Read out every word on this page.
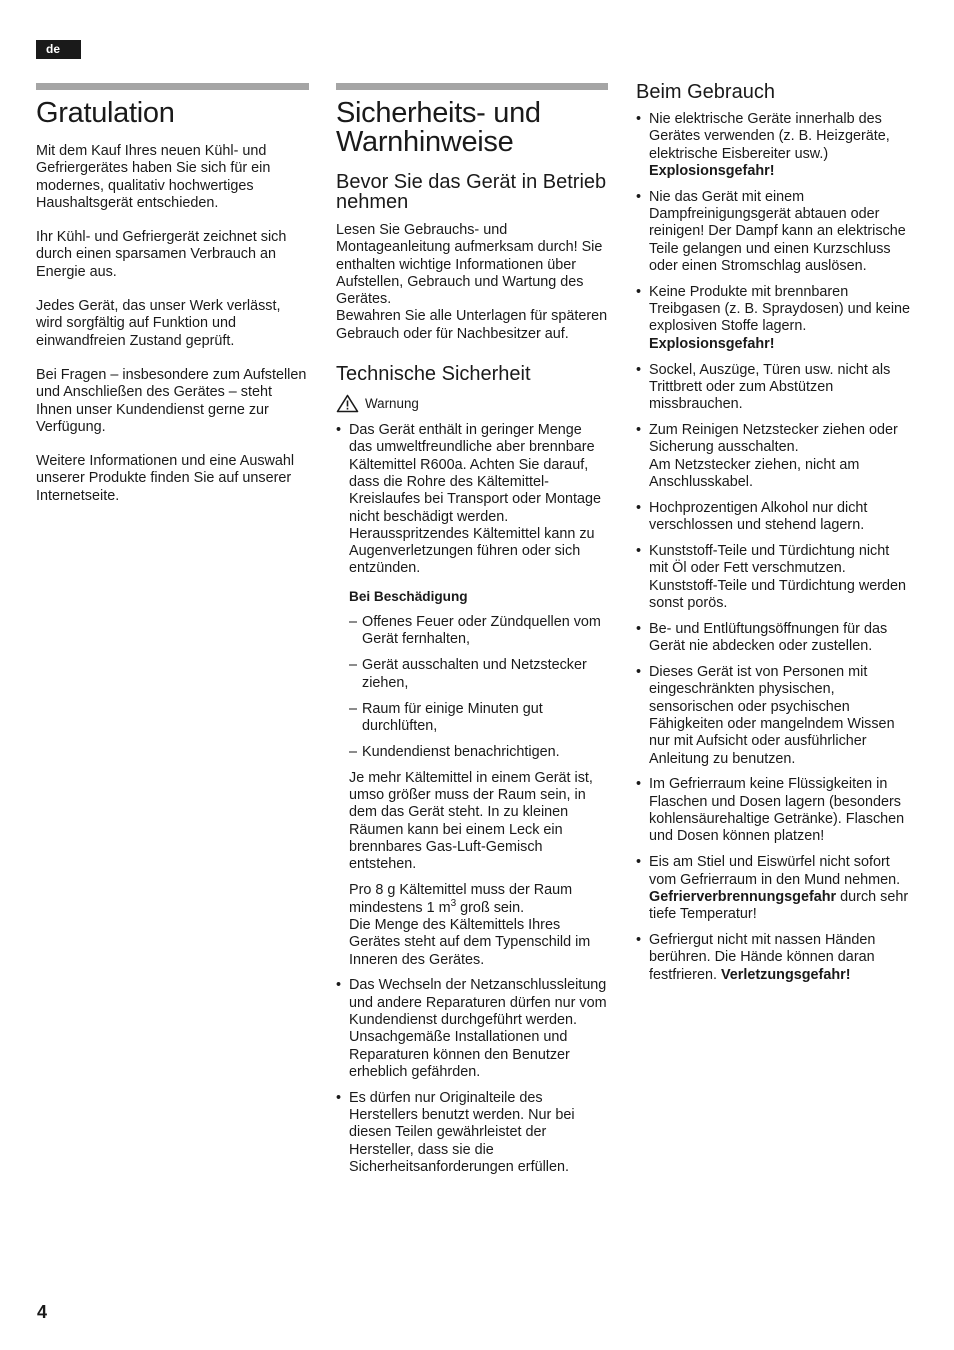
de
Gratulation

Mit dem Kauf Ihres neuen Kühl- und Gefriergerätes haben Sie sich für ein modernes, qualitativ hochwertiges Haushaltsgerät entschieden.

Ihr Kühl- und Gefriergerät zeichnet sich durch einen sparsamen Verbrauch an Energie aus.

Jedes Gerät, das unser Werk verlässt, wird sorgfältig auf Funktion und einwandfreien Zustand geprüft.

Bei Fragen – insbesondere zum Aufstellen und Anschließen des Gerätes – steht Ihnen unser Kundendienst gerne zur Verfügung.

Weitere Informationen und eine Auswahl unserer Produkte finden Sie auf unserer Internetseite.

Sicherheits- und Warnhinweise
Bevor Sie das Gerät in Betrieb nehmen

Lesen Sie Gebrauchs- und Montageanleitung aufmerksam durch! Sie enthalten wichtige Informationen über Aufstellen, Gebrauch und Wartung des Gerätes.
Bewahren Sie alle Unterlagen für späteren Gebrauch oder für Nachbesitzer auf.

Technische Sicherheit
Warnung
• Das Gerät enthält in geringer Menge das umweltfreundliche aber brennbare Kältemittel R600a. Achten Sie darauf, dass die Rohre des Kältemittel-Kreislaufes bei Transport oder Montage nicht beschädigt werden. Herausspritzendes Kältemittel kann zu Augenverletzungen führen oder sich entzünden.
Bei Beschädigung
– Offenes Feuer oder Zündquellen vom Gerät fernhalten,
– Gerät ausschalten und Netzstecker ziehen,
– Raum für einige Minuten gut durchlüften,
– Kundendienst benachrichtigen.

Je mehr Kältemittel in einem Gerät ist, umso größer muss der Raum sein, in dem das Gerät steht. In zu kleinen Räumen kann bei einem Leck ein brennbares Gas-Luft-Gemisch entstehen.

Pro 8 g Kältemittel muss der Raum mindestens 1 $m^3$ groß sein.
Die Menge des Kältemittels Ihres Gerätes steht auf dem Typenschild im Inneren des Gerätes.

• Das Wechseln der Netzanschlussleitung und andere Reparaturen dürfen nur vom Kundendienst durchgeführt werden. Unsachgemäße Installationen und Reparaturen können den Benutzer erheblich gefährden.
• Es dürfen nur Originalteile des Herstellers benutzt werden. Nur bei diesen Teilen gewährleistet der Hersteller, dass sie die Sicherheitsanforderungen erfüllen.
Beim Gebrauch
• Nie elektrische Geräte innerhalb des Gerätes verwenden (z. B. Heizgeräte, elektrische Eisbereiter usw.)
Explosionsgefahr!
• Nie das Gerät mit einem Dampfreinigungsgerät abtauen oder reinigen! Der Dampf kann an elektrische Teile gelangen und einen Kurzschluss oder einen Stromschlag auslösen.
• Keine Produkte mit brennbaren Treibgasen (z. B. Spraydosen) und keine explosiven Stoffe lagern.
Explosionsgefahr!
• Sockel, Auszüge, Türen usw. nicht als Trittbrett oder zum Abstützen missbrauchen.
• Zum Reinigen Netzstecker ziehen oder Sicherung ausschalten.
Am Netzstecker ziehen, nicht am Anschlusskabel.
• Hochprozentigen Alkohol nur dicht verschlossen und stehend lagern.
• Kunststoff-Teile und Türdichtung nicht mit Öl oder Fett verschmutzen. Kunststoff-Teile und Türdichtung werden sonst porös.
• Be- und Entlüftungsöffnungen für das Gerät nie abdecken oder zustellen.
• Dieses Gerät ist von Personen mit eingeschränkten physischen, sensorischen oder psychischen Fähigkeiten oder mangelndem Wissen nur mit Aufsicht oder ausführlicher Anleitung zu benutzen.
• Im Gefrierraum keine Flüssigkeiten in Flaschen und Dosen lagern (besonders kohlensäurehaltige Getränke). Flaschen und Dosen können platzen!
• Eis am Stiel und Eiswürfel nicht sofort vom Gefrierraum in den Mund nehmen.
Gefrierverbrennungsgefahr durch sehr tiefe Temperatur!
• Gefriergut nicht mit nassen Händen berühren. Die Hände können daran festfrieren. Verletzungsgefahr!
4
